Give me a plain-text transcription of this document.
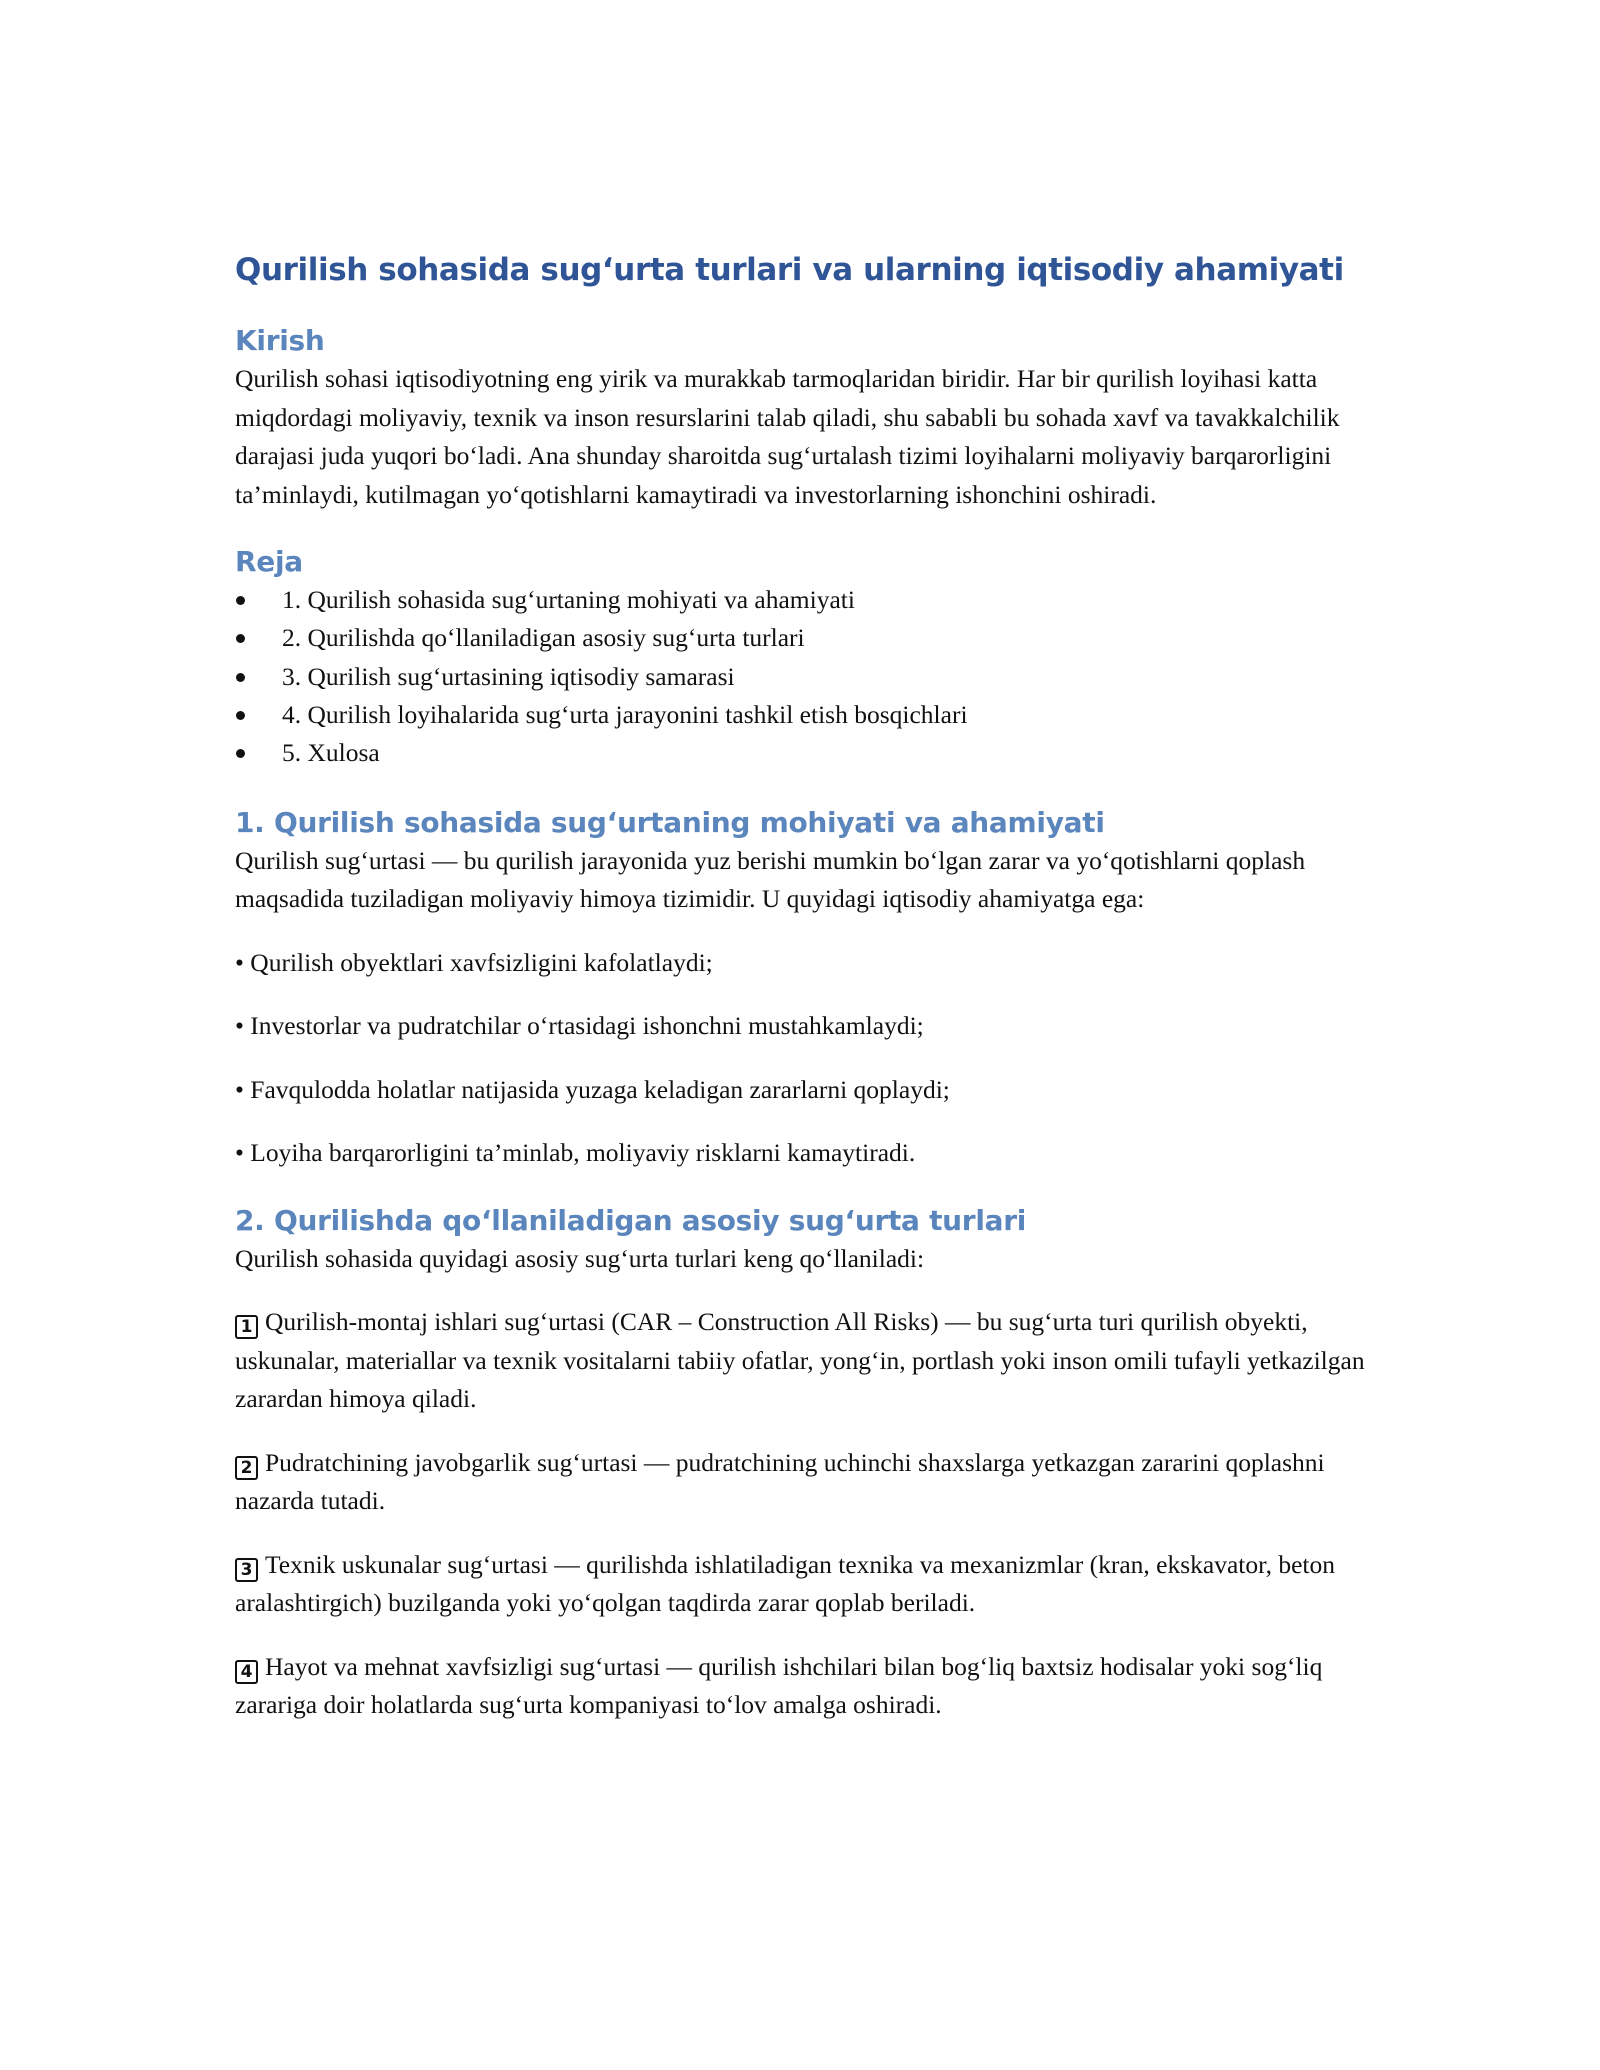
Qurilish sohasida sug‘urta turlari va ularning iqtisodiy ahamiyati
Kirish

Qurilish sohasi iqtisodiyotning eng yirik va murakkab tarmoqlaridan biridir. Har bir qurilish loyihasi katta miqdordagi moliyaviy, texnik va inson resurslarini talab qiladi, shu sababli bu sohada xavf va tavakkalchilik darajasi juda yuqori bo‘ladi. Ana shunday sharoitda sug‘urtalash tizimi loyihalarni moliyaviy barqarorligini ta’minlaydi, kutilmagan yo‘qotishlarni kamaytiradi va investorlarning ishonchini oshiradi.

Reja
1. Qurilish sohasida sug‘urtaning mohiyati va ahamiyati
2. Qurilishda qo‘llaniladigan asosiy sug‘urta turlari
3. Qurilish sug‘urtasining iqtisodiy samarasi
4. Qurilish loyihalarida sug‘urta jarayonini tashkil etish bosqichlari
5. Xulosa
1. Qurilish sohasida sug‘urtaning mohiyati va ahamiyati

Qurilish sug‘urtasi — bu qurilish jarayonida yuz berishi mumkin bo‘lgan zarar va yo‘qotishlarni qoplash maqsadida tuziladigan moliyaviy himoya tizimidir. U quyidagi iqtisodiy ahamiyatga ega:

• Qurilish obyektlari xavfsizligini kafolatlaydi;

• Investorlar va pudratchilar o‘rtasidagi ishonchni mustahkamlaydi;

• Favqulodda holatlar natijasida yuzaga keladigan zararlarni qoplaydi;

• Loyiha barqarorligini ta’minlab, moliyaviy risklarni kamaytiradi.

2. Qurilishda qo‘llaniladigan asosiy sug‘urta turlari

Qurilish sohasida quyidagi asosiy sug‘urta turlari keng qo‘llaniladi:

1 Qurilish-montaj ishlari sug‘urtasi (CAR – Construction All Risks) — bu sug‘urta turi qurilish obyekti, uskunalar, materiallar va texnik vositalarni tabiiy ofatlar, yong‘in, portlash yoki inson omili tufayli yetkazilgan zarardan himoya qiladi.

2 Pudratchining javobgarlik sug‘urtasi — pudratchining uchinchi shaxslarga yetkazgan zararini qoplashni nazarda tutadi.

3 Texnik uskunalar sug‘urtasi — qurilishda ishlatiladigan texnika va mexanizmlar (kran, ekskavator, beton aralashtirgich) buzilganda yoki yo‘qolgan taqdirda zarar qoplab beriladi.

4 Hayot va mehnat xavfsizligi sug‘urtasi — qurilish ishchilari bilan bog‘liq baxtsiz hodisalar yoki sog‘liq zarariga doir holatlarda sug‘urta kompaniyasi to‘lov amalga oshiradi.
